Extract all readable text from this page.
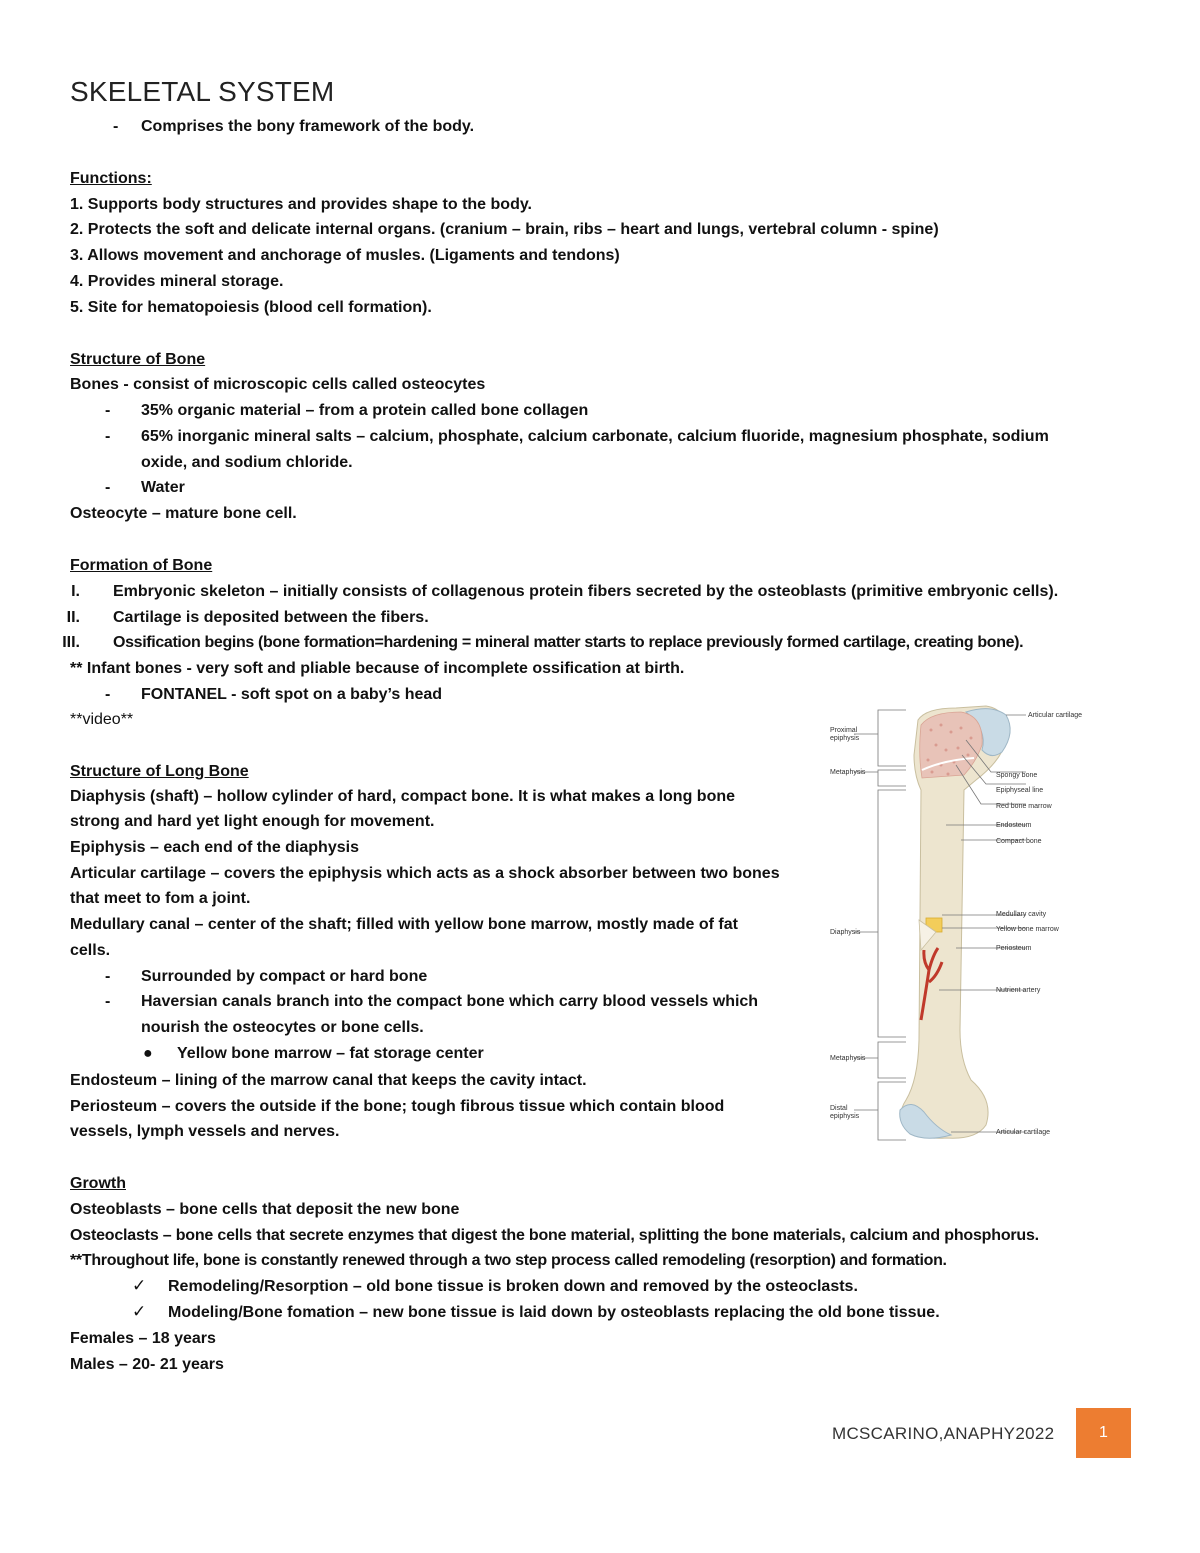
SKELETAL SYSTEM
- Comprises the bony framework of the body.
Functions:
1. Supports body structures and provides shape to the body.
2. Protects the soft and delicate internal organs. (cranium – brain, ribs – heart and lungs, vertebral column - spine)
3. Allows movement and anchorage of musles. (Ligaments and tendons)
4. Provides mineral storage.
5. Site for hematopoiesis (blood cell formation).
Structure of Bone
Bones - consist of microscopic cells called osteocytes
- 35% organic material – from a protein called bone collagen
- 65% inorganic mineral salts – calcium, phosphate, calcium carbonate, calcium fluoride, magnesium phosphate, sodium
oxide, and sodium chloride.
- Water
Osteocyte – mature bone cell.
Formation of Bone
I. Embryonic skeleton – initially consists of collagenous protein fibers secreted by the osteoblasts (primitive embryonic cells).
II. Cartilage is deposited between the fibers.
III. Ossification begins (bone formation=hardening = mineral matter starts to replace previously formed cartilage, creating bone).
** Infant bones - very soft and pliable because of incomplete ossification at birth.
- FONTANEL - soft spot on a baby’s head
**video**
Structure of Long Bone
Diaphysis (shaft) – hollow cylinder of hard, compact bone. It is what makes a long bone
strong and hard yet light enough for movement.
Epiphysis – each end of the diaphysis
Articular cartilage – covers the epiphysis which acts as a shock absorber between two bones
that meet to fom a joint.
Medullary canal – center of the shaft; filled with yellow bone marrow, mostly made of fat
cells.
- Surrounded by compact or hard bone
- Haversian canals branch into the compact bone which carry blood vessels which
nourish the osteocytes or bone cells.
● Yellow bone marrow – fat storage center
Endosteum – lining of the marrow canal that keeps the cavity intact.
Periosteum – covers the outside if the bone; tough fibrous tissue which contain blood
vessels, lymph vessels and nerves.
Proximal
epiphysis
Metaphysis
Diaphysis
Metaphysis
Distal
epiphysis
Articular cartilage
Spongy bone
Epiphyseal line
Red bone marrow
Endosteum
Compact bone
Medullary cavity
Yellow bone marrow
Periosteum
Nutrient artery
Articular cartilage
Growth
Osteoblasts – bone cells that deposit the new bone
Osteoclasts – bone cells that secrete enzymes that digest the bone material, splitting the bone materials, calcium and phosphorus.
**Throughout life, bone is constantly renewed through a two step process called remodeling (resorption) and formation.
✓ Remodeling/Resorption – old bone tissue is broken down and removed by the osteoclasts.
✓ Modeling/Bone fomation – new bone tissue is laid down by osteoblasts replacing the old bone tissue.
Females – 18 years
Males – 20- 21 years
MCSCARINO,ANAPHY2022	1
